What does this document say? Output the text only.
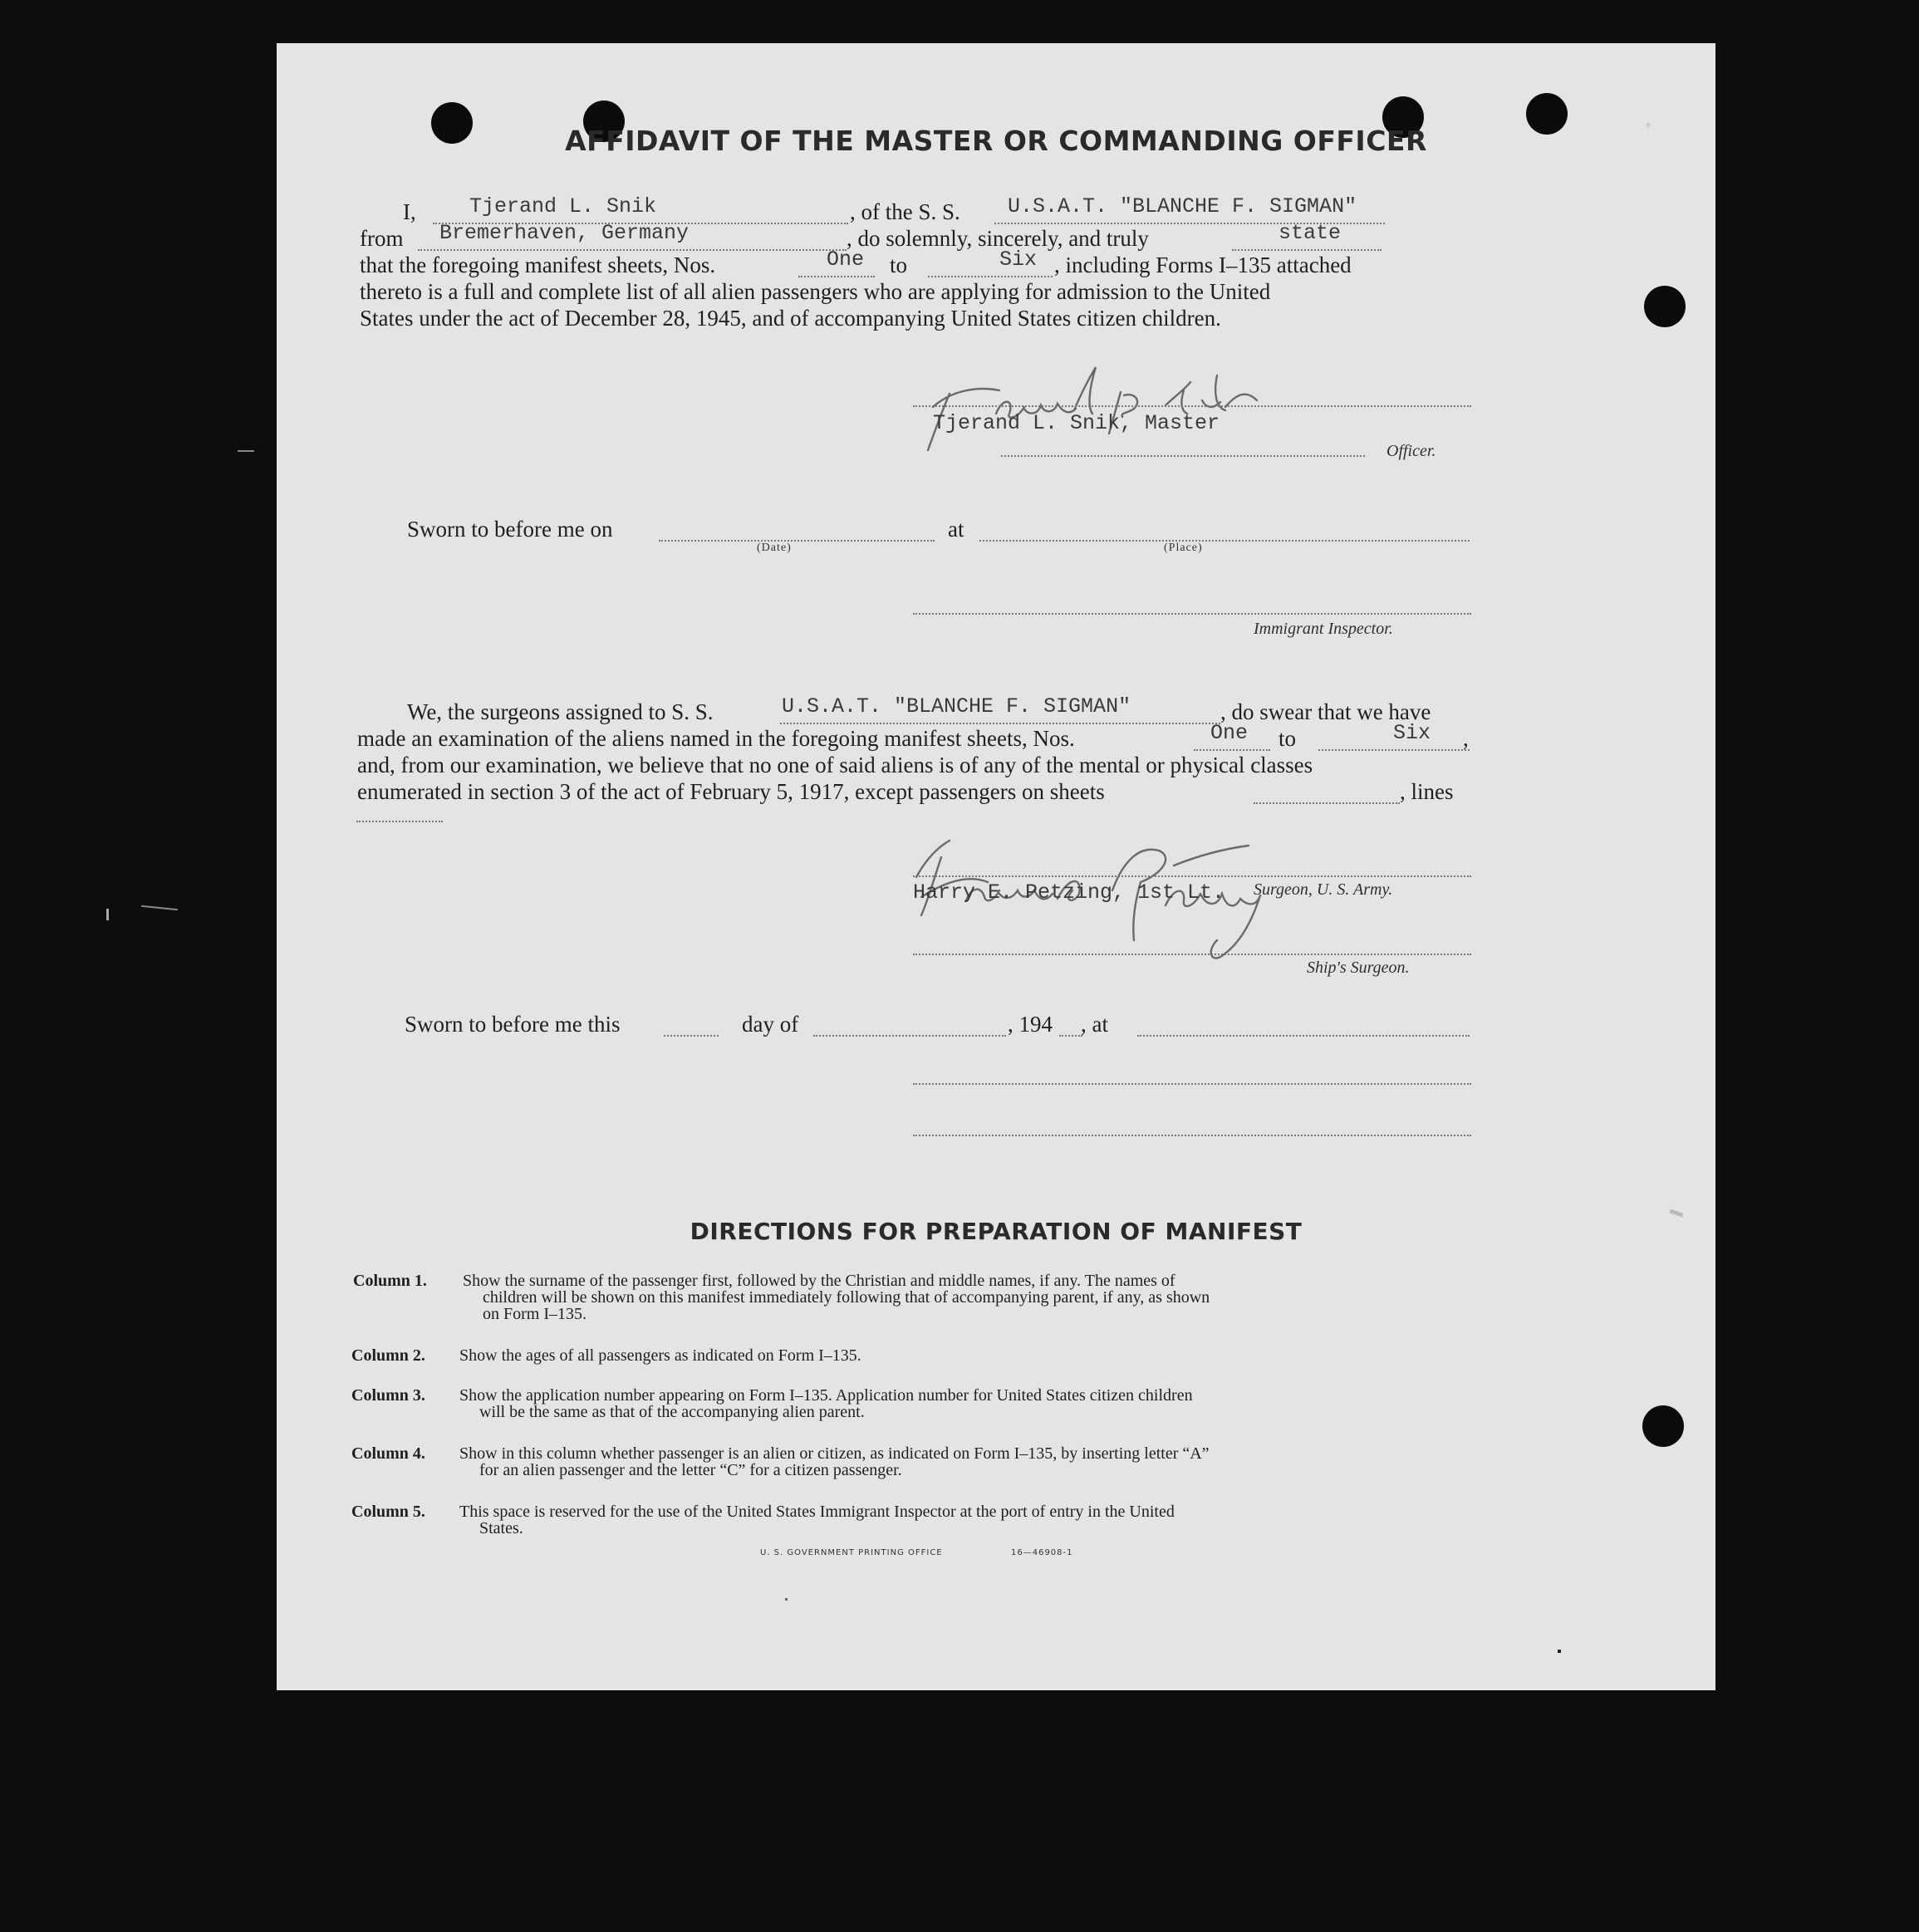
AFFIDAVIT OF THE MASTER OR COMMANDING OFFICER
I,	Tjerand L. Snik	, of the S. S. U.S.A.T. "BLANCHE F. SIGMAN"
from Bremerhaven, Germany	, do solemnly, sincerely, and truly	state
that the foregoing manifest sheets, Nos.	One to	Six , including Forms I–135 attached
thereto is a full and complete list of all alien passengers who are applying for admission to the United
States under the act of December 28, 1945, and of accompanying United States citizen children.
Tjerand L. Snik, Master
Officer.
Sworn to before me on	at
(Date)	(Place)
Immigrant Inspector.
We, the surgeons assigned to S. S.	U.S.A.T. "BLANCHE F. SIGMAN"	, do swear that we have
made an examination of the aliens named in the foregoing manifest sheets, Nos.	One to	Six ,
and, from our examination, we believe that no one of said aliens is of any of the mental or physical classes
enumerated in section 3 of the act of February 5, 1917, except passengers on sheets	, lines
Harry E. Petzing, 1st Lt. Surgeon, U. S. Army.
Ship's Surgeon.
Sworn to before me this	day of	, 194 , at
DIRECTIONS FOR PREPARATION OF MANIFEST
Column 1. Show the surname of the passenger first, followed by the Christian and middle names, if any. The names of
children will be shown on this manifest immediately following that of accompanying parent, if any, as shown
on Form I–135.
Column 2. Show the ages of all passengers as indicated on Form I–135.
Column 3. Show the application number appearing on Form I–135. Application number for United States citizen children
will be the same as that of the accompanying alien parent.
Column 4. Show in this column whether passenger is an alien or citizen, as indicated on Form I–135, by inserting letter “A”
for an alien passenger and the letter “C” for a citizen passenger.
Column 5. This space is reserved for the use of the United States Immigrant Inspector at the port of entry in the United
States.
U. S. GOVERNMENT PRINTING OFFICE	16—46908-1
